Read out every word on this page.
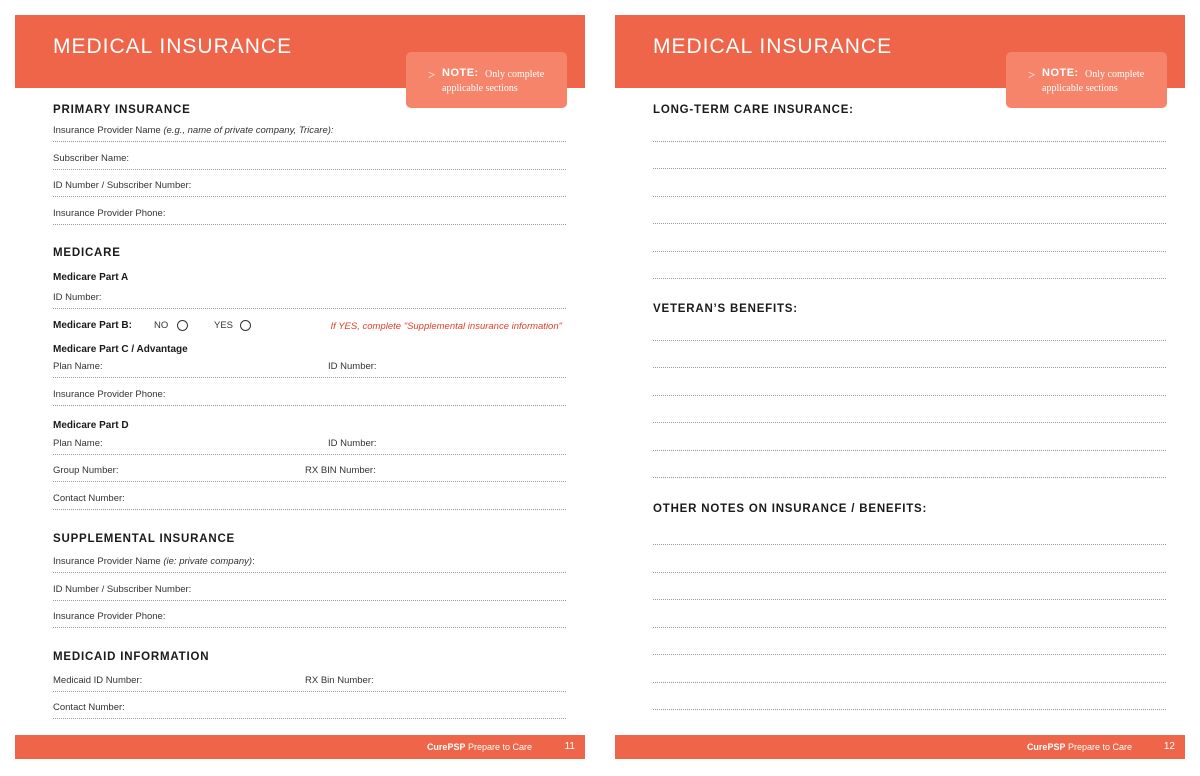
MEDICAL INSURANCE
> NOTE: Only complete applicable sections
PRIMARY INSURANCE
Insurance Provider Name (e.g., name of private company, Tricare):
Subscriber Name:
ID Number / Subscriber Number:
Insurance Provider Phone:
MEDICARE
Medicare Part A
ID Number:
Medicare Part B: NO	YES	If YES, complete "Supplemental insurance information"
Medicare Part C / Advantage
Plan Name:	ID Number:
Insurance Provider Phone:
Medicare Part D
Plan Name:	ID Number:
Group Number:	RX BIN Number:
Contact Number:
SUPPLEMENTAL INSURANCE
Insurance Provider Name (ie: private company):
ID Number / Subscriber Number:
Insurance Provider Phone:
MEDICAID INFORMATION
Medicaid ID Number:	RX Bin Number:
Contact Number:
CurePSP Prepare to Care	11
MEDICAL INSURANCE
> NOTE: Only complete applicable sections
LONG-TERM CARE INSURANCE:
VETERAN’S BENEFITS:
OTHER NOTES ON INSURANCE / BENEFITS:
CurePSP Prepare to Care	12
